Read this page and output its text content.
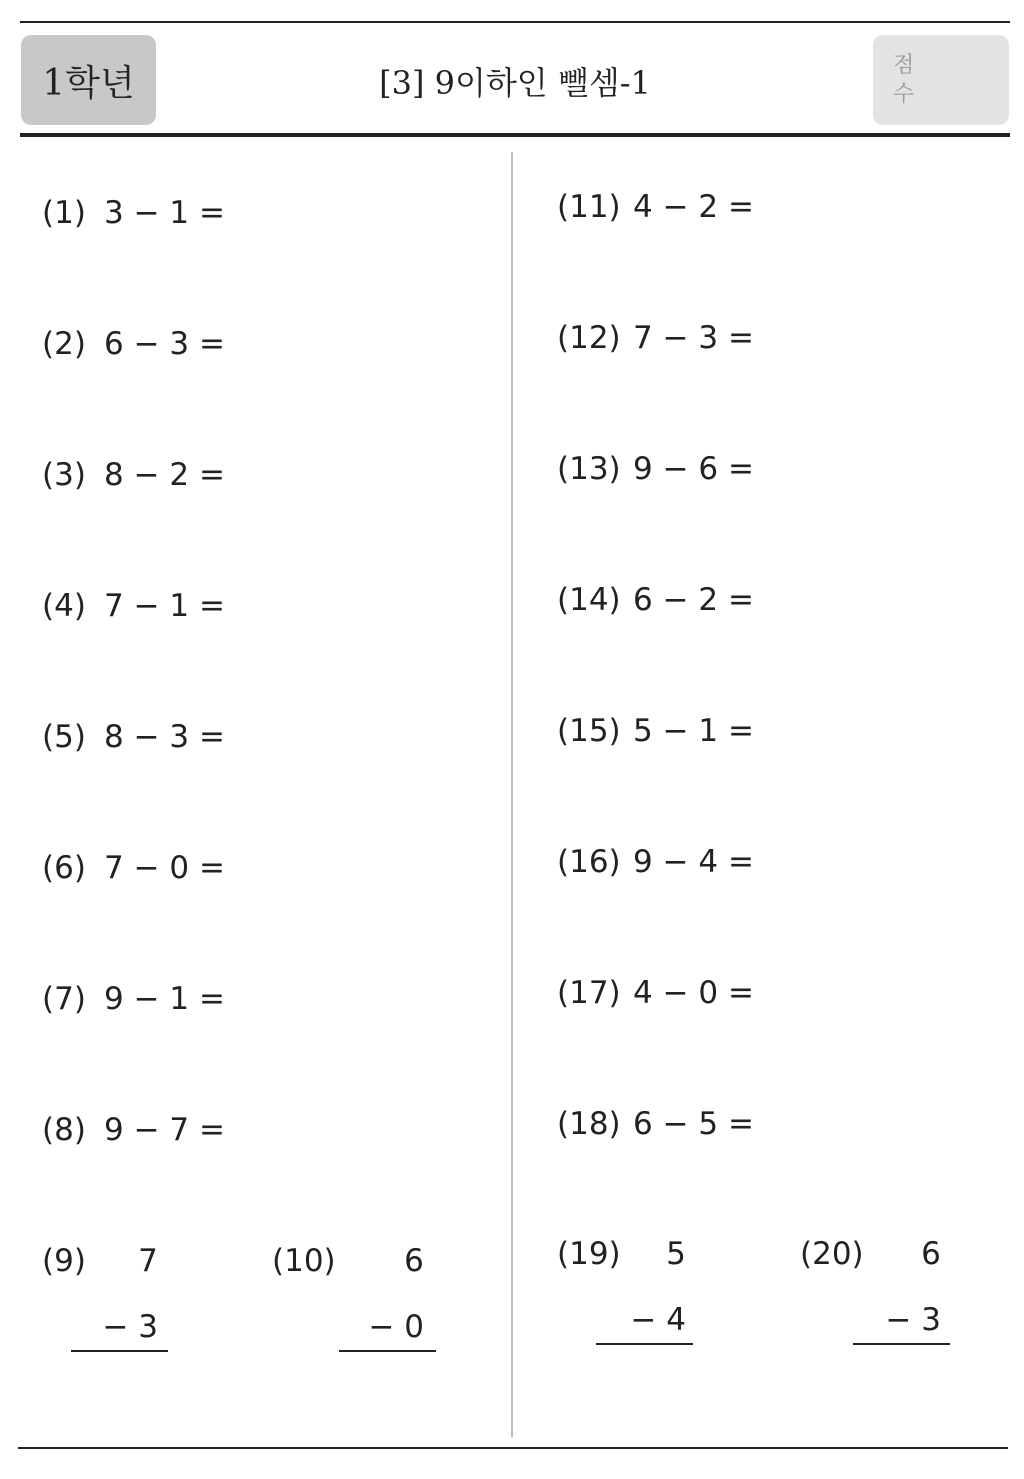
1학년	[3] 9이하인 뺄셈-1	점수
(1) 3 − 1 =
(2) 6 − 3 =
(3) 8 − 2 =
(4) 7 − 1 =
(5) 8 − 3 =
(6) 7 − 0 =
(7) 9 − 1 =
(8) 9 − 7 =
(11) 4 − 2 =
(12) 7 − 3 =
(13) 9 − 6 =
(14) 6 − 2 =
(15) 5 − 1 =
(16) 9 − 4 =
(17) 4 − 0 =
(18) 6 − 5 =
(9)	7
− 3
(10)	6
− 0
(19)	5
− 4
(20)	6
− 3
